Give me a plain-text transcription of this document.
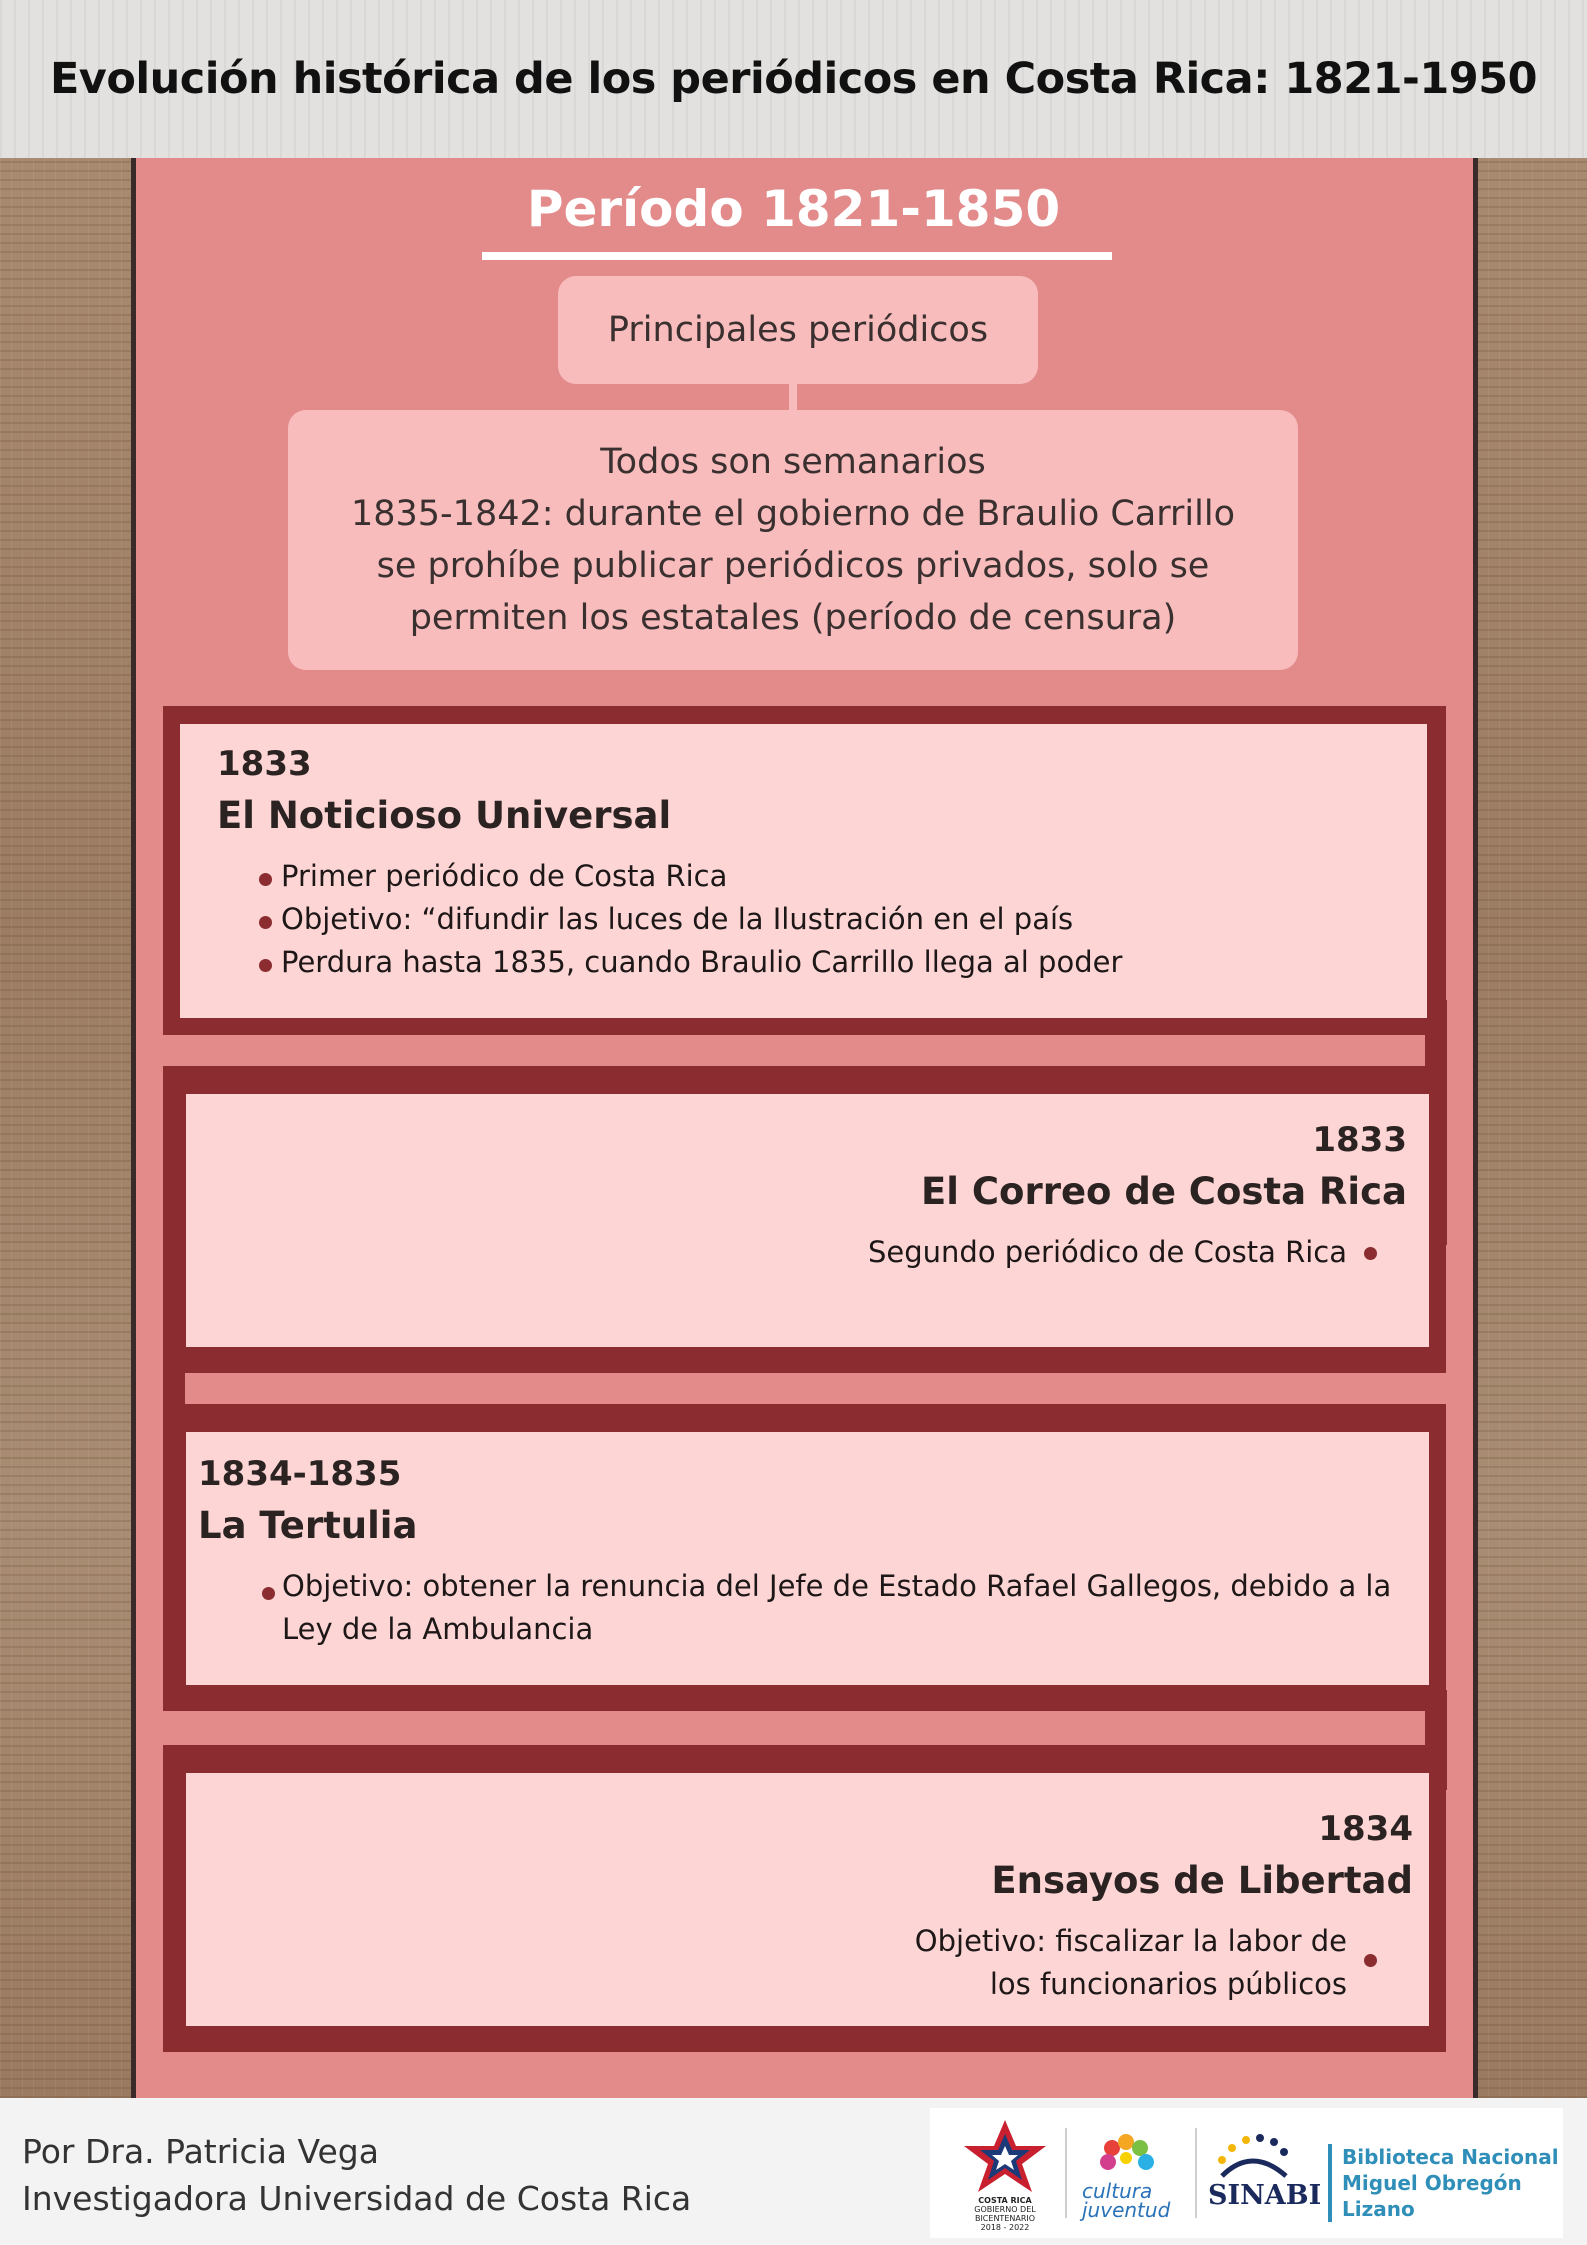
Evolución histórica de los periódicos en Costa Rica: 1821-1950
Período 1821-1850
Principales periódicos
Todos son semanarios
1835-1842: durante el gobierno de Braulio Carrillo
se prohíbe publicar periódicos privados, solo se
permiten los estatales (período de censura)
1833
El Noticioso Universal
Primer periódico de Costa Rica
Objetivo: “difundir las luces de la Ilustración en el país
Perdura hasta 1835, cuando Braulio Carrillo llega al poder
1833
El Correo de Costa Rica
Segundo periódico de Costa Rica
1834-1835
La Tertulia
Objetivo: obtener la renuncia del Jefe de Estado Rafael Gallegos, debido a la Ley de la Ambulancia
1834
Ensayos de Libertad
Objetivo: fiscalizar la labor de los funcionarios públicos
Por Dra. Patricia Vega
Investigadora Universidad de Costa Rica	COSTA RICA
GOBIERNO DEL BICENTENARIO
2018 - 2022
cultura
juventud SINABI
Biblioteca Nacional
Miguel Obregón Lizano
